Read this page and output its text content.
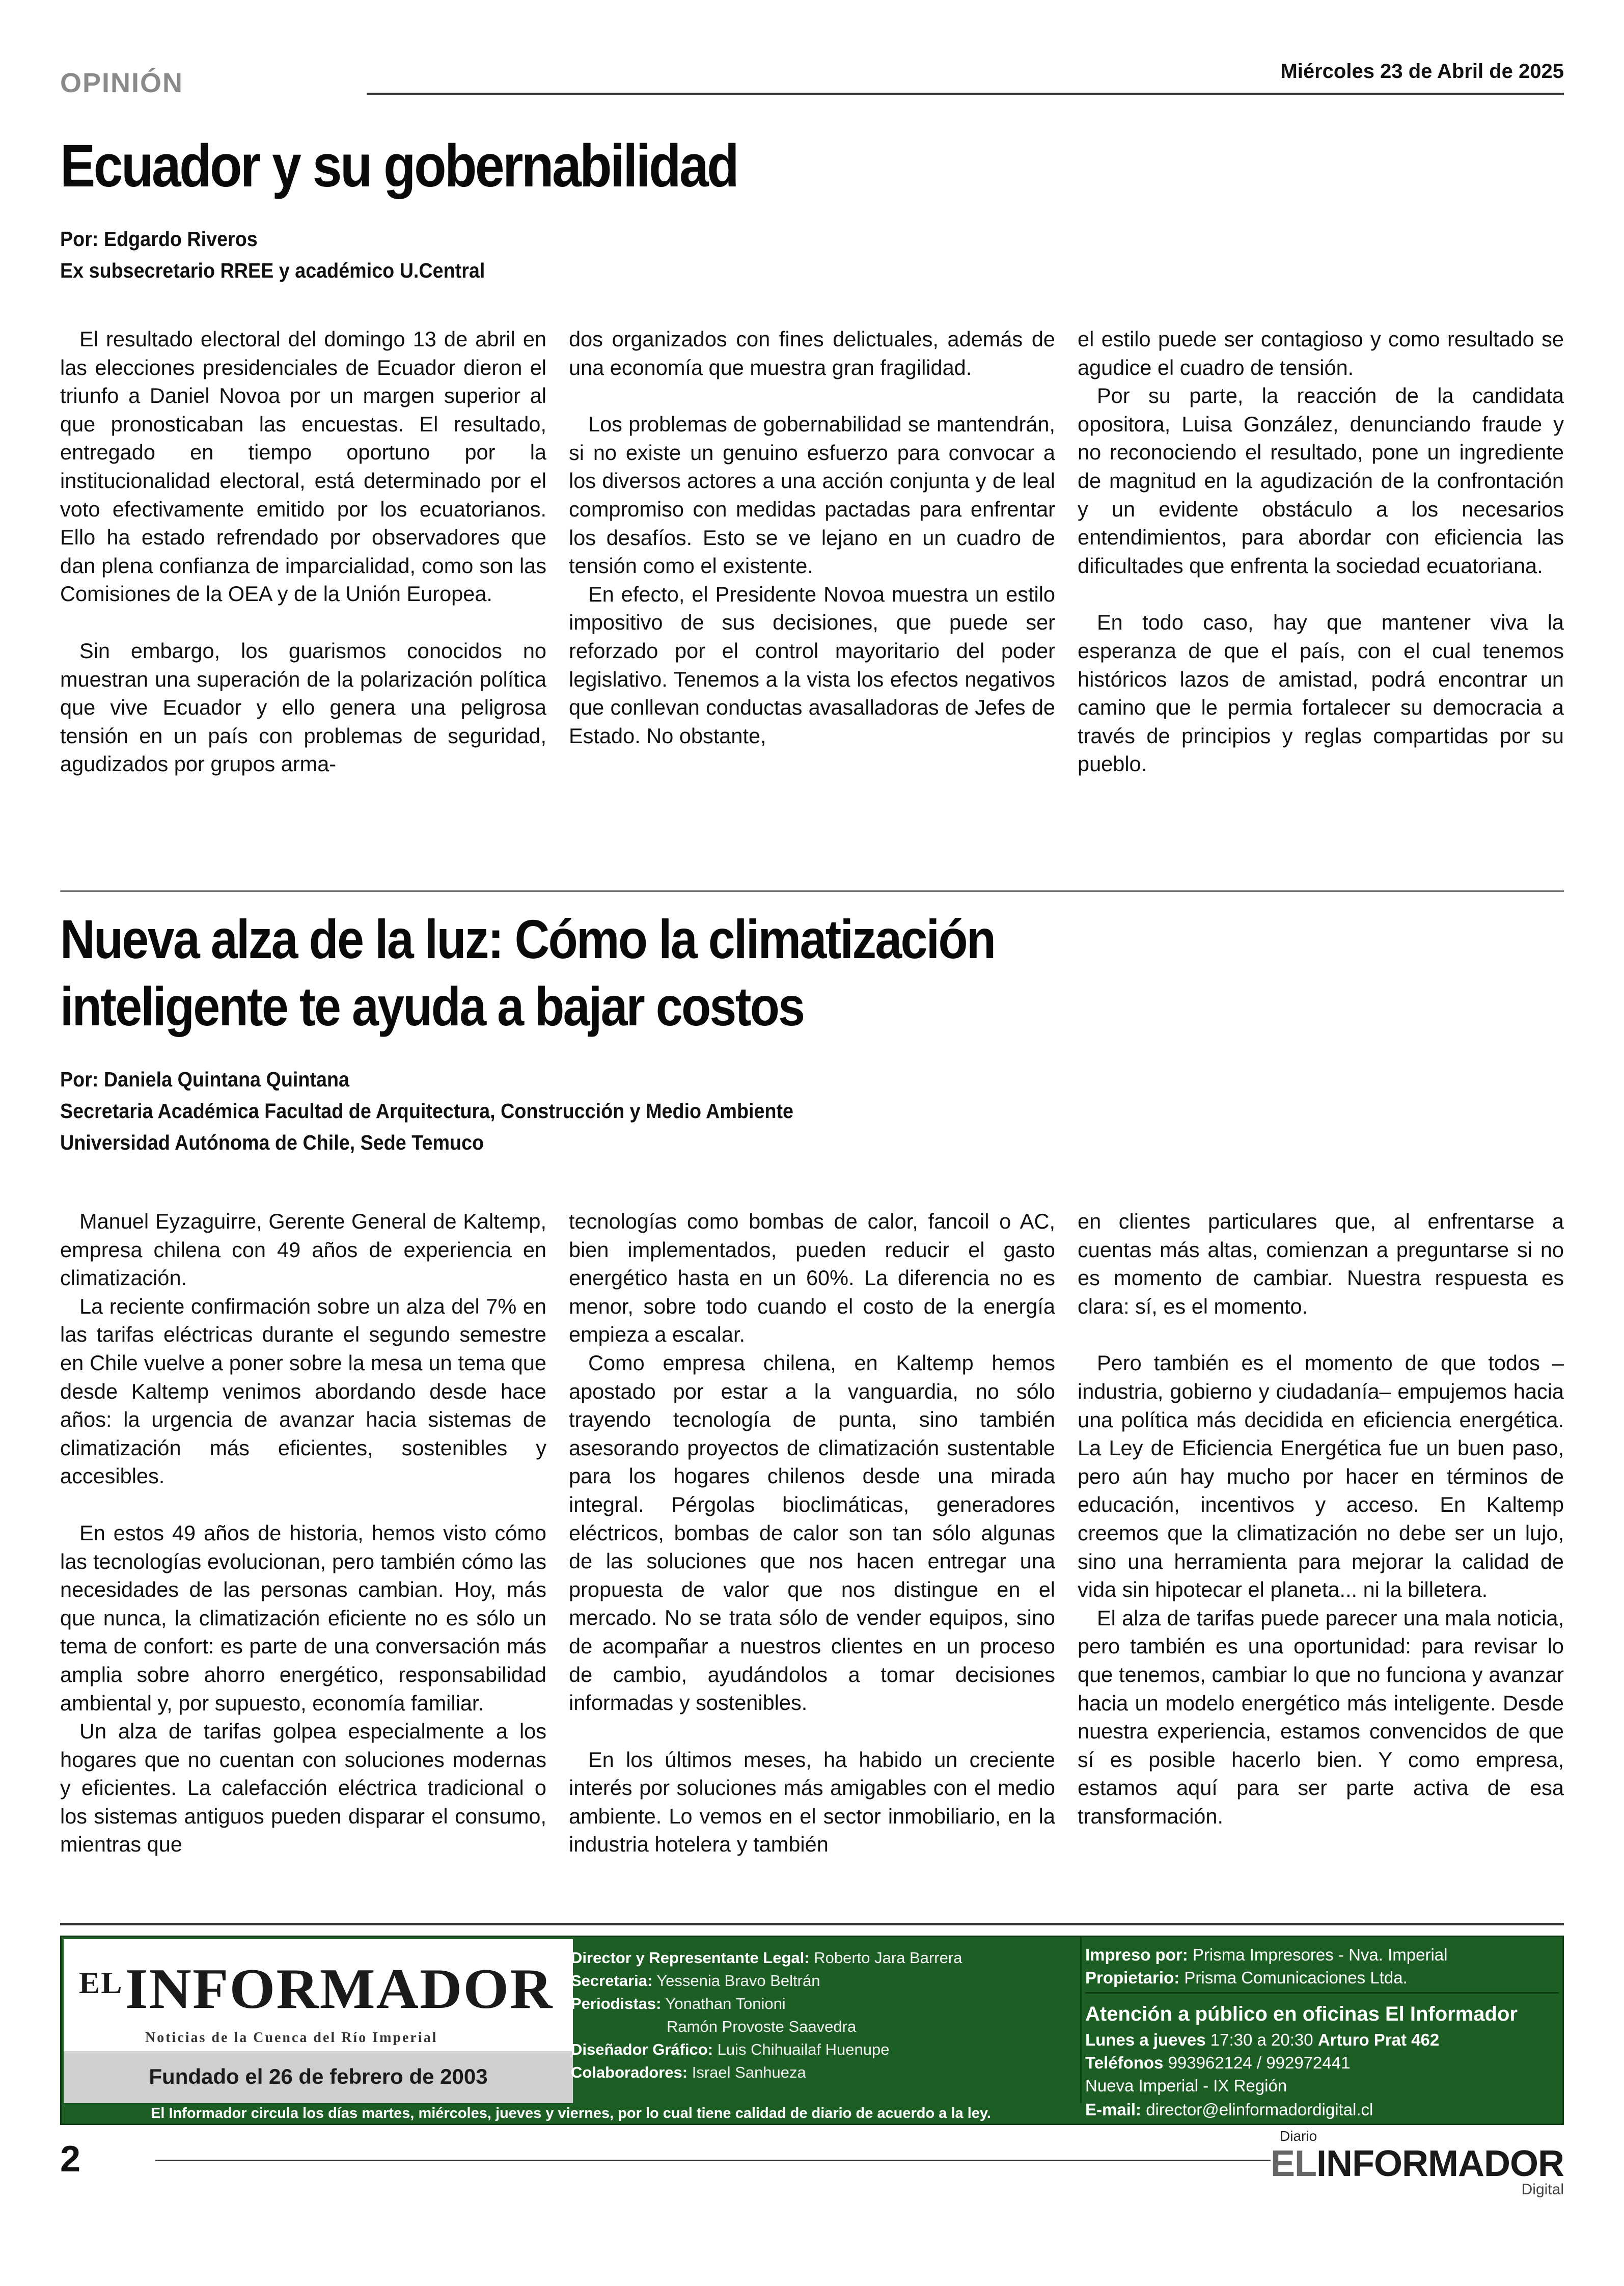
OPINIÓN	Miércoles 23 de Abril de 2025
Ecuador y su gobernabilidad
Por: Edgardo Riveros
Ex subsecretario RREE y académico U.Central

El resultado electoral del domingo 13 de abril en las elecciones presidenciales de Ecuador dieron el triunfo a Daniel Novoa por un margen superior al que pronosticaban las encuestas. El resultado, entregado en tiempo oportuno por la institucionalidad electoral, está determinado por el voto efectivamente emitido por los ecuatorianos. Ello ha estado refrendado por observadores que dan plena confianza de imparcialidad, como son las Comisiones de la OEA y de la Unión Europea.

Sin embargo, los guarismos conocidos no muestran una superación de la polarización política que vive Ecuador y ello genera una peligrosa tensión en un país con problemas de seguridad, agudizados por grupos arma-

dos organizados con fines delictuales, además de una economía que muestra gran fragilidad.

Los problemas de gobernabilidad se mantendrán, si no existe un genuino esfuerzo para convocar a los diversos actores a una acción conjunta y de leal compromiso con medidas pactadas para enfrentar los desafíos. Esto se ve lejano en un cuadro de tensión como el existente.

En efecto, el Presidente Novoa muestra un estilo impositivo de sus decisiones, que puede ser reforzado por el control mayoritario del poder legislativo. Tenemos a la vista los efectos negativos que conllevan conductas avasalladoras de Jefes de Estado. No obstante,

el estilo puede ser contagioso y como resultado se agudice el cuadro de tensión.

Por su parte, la reacción de la candidata opositora, Luisa González, denunciando fraude y no reconociendo el resultado, pone un ingrediente de magnitud en la agudización de la confrontación y un evidente obstáculo a los necesarios entendimientos, para abordar con eficiencia las dificultades que enfrenta la sociedad ecuatoriana.

En todo caso, hay que mantener viva la esperanza de que el país, con el cual tenemos históricos lazos de amistad, podrá encontrar un camino que le permia fortalecer su democracia a través de principios y reglas compartidas por su pueblo.

Nueva alza de la luz: Cómo la climatización inteligente te ayuda a bajar costos
Por: Daniela Quintana Quintana
Secretaria Académica Facultad de Arquitectura, Construcción y Medio Ambiente
Universidad Autónoma de Chile, Sede Temuco

Manuel Eyzaguirre, Gerente General de Kaltemp, empresa chilena con 49 años de experiencia en climatización.

La reciente confirmación sobre un alza del 7% en las tarifas eléctricas durante el segundo semestre en Chile vuelve a poner sobre la mesa un tema que desde Kaltemp venimos abordando desde hace años: la urgencia de avanzar hacia sistemas de climatización más eficientes, sostenibles y accesibles.

En estos 49 años de historia, hemos visto cómo las tecnologías evolucionan, pero también cómo las necesidades de las personas cambian. Hoy, más que nunca, la climatización eficiente no es sólo un tema de confort: es parte de una conversación más amplia sobre ahorro energético, responsabilidad ambiental y, por supuesto, economía familiar.

Un alza de tarifas golpea especialmente a los hogares que no cuentan con soluciones modernas y eficientes. La calefacción eléctrica tradicional o los sistemas antiguos pueden disparar el consumo, mientras que

tecnologías como bombas de calor, fancoil o AC, bien implementados, pueden reducir el gasto energético hasta en un 60%. La diferencia no es menor, sobre todo cuando el costo de la energía empieza a escalar.

Como empresa chilena, en Kaltemp hemos apostado por estar a la vanguardia, no sólo trayendo tecnología de punta, sino también asesorando proyectos de climatización sustentable para los hogares chilenos desde una mirada integral. Pérgolas bioclimáticas, generadores eléctricos, bombas de calor son tan sólo algunas de las soluciones que nos hacen entregar una propuesta de valor que nos distingue en el mercado. No se trata sólo de vender equipos, sino de acompañar a nuestros clientes en un proceso de cambio, ayudándolos a tomar decisiones informadas y sostenibles.

En los últimos meses, ha habido un creciente interés por soluciones más amigables con el medio ambiente. Lo vemos en el sector inmobiliario, en la industria hotelera y también

en clientes particulares que, al enfrentarse a cuentas más altas, comienzan a preguntarse si no es momento de cambiar. Nuestra respuesta es clara: sí, es el momento.

Pero también es el momento de que todos –industria, gobierno y ciudadanía– empujemos hacia una política más decidida en eficiencia energética. La Ley de Eficiencia Energética fue un buen paso, pero aún hay mucho por hacer en términos de educación, incentivos y acceso. En Kaltemp creemos que la climatización no debe ser un lujo, sino una herramienta para mejorar la calidad de vida sin hipotecar el planeta... ni la billetera.

El alza de tarifas puede parecer una mala noticia, pero también es una oportunidad: para revisar lo que tenemos, cambiar lo que no funciona y avanzar hacia un modelo energético más inteligente. Desde nuestra experiencia, estamos convencidos de que sí es posible hacerlo bien. Y como empresa, estamos aquí para ser parte activa de esa transformación.

$^{EL}$INFORMADOR
Noticias de la Cuenca del Río Imperial
Fundado el 26 de febrero de 2003
Director y Representante Legal: Roberto Jara Barrera
Secretaria: Yessenia Bravo Beltrán
Periodistas: Yonathan Tonioni
Ramón Provoste Saavedra
Diseñador Gráfico: Luis Chihuailaf Huenupe
Colaboradores: Israel Sanhueza
Impreso por: Prisma Impresores - Nva. Imperial
Propietario: Prisma Comunicaciones Ltda.
Atención a público en oficinas El Informador
Lunes a jueves 17:30 a 20:30 Arturo Prat 462
Teléfonos 993962124 / 992972441
Nueva Imperial - IX Región
El Informador circula los días martes, miércoles, jueves y viernes, por lo cual tiene calidad de diario de acuerdo a la ley.	E-mail: director@elinformadordigital.cl
2
Diario
ELINFORMADOR
Digital
